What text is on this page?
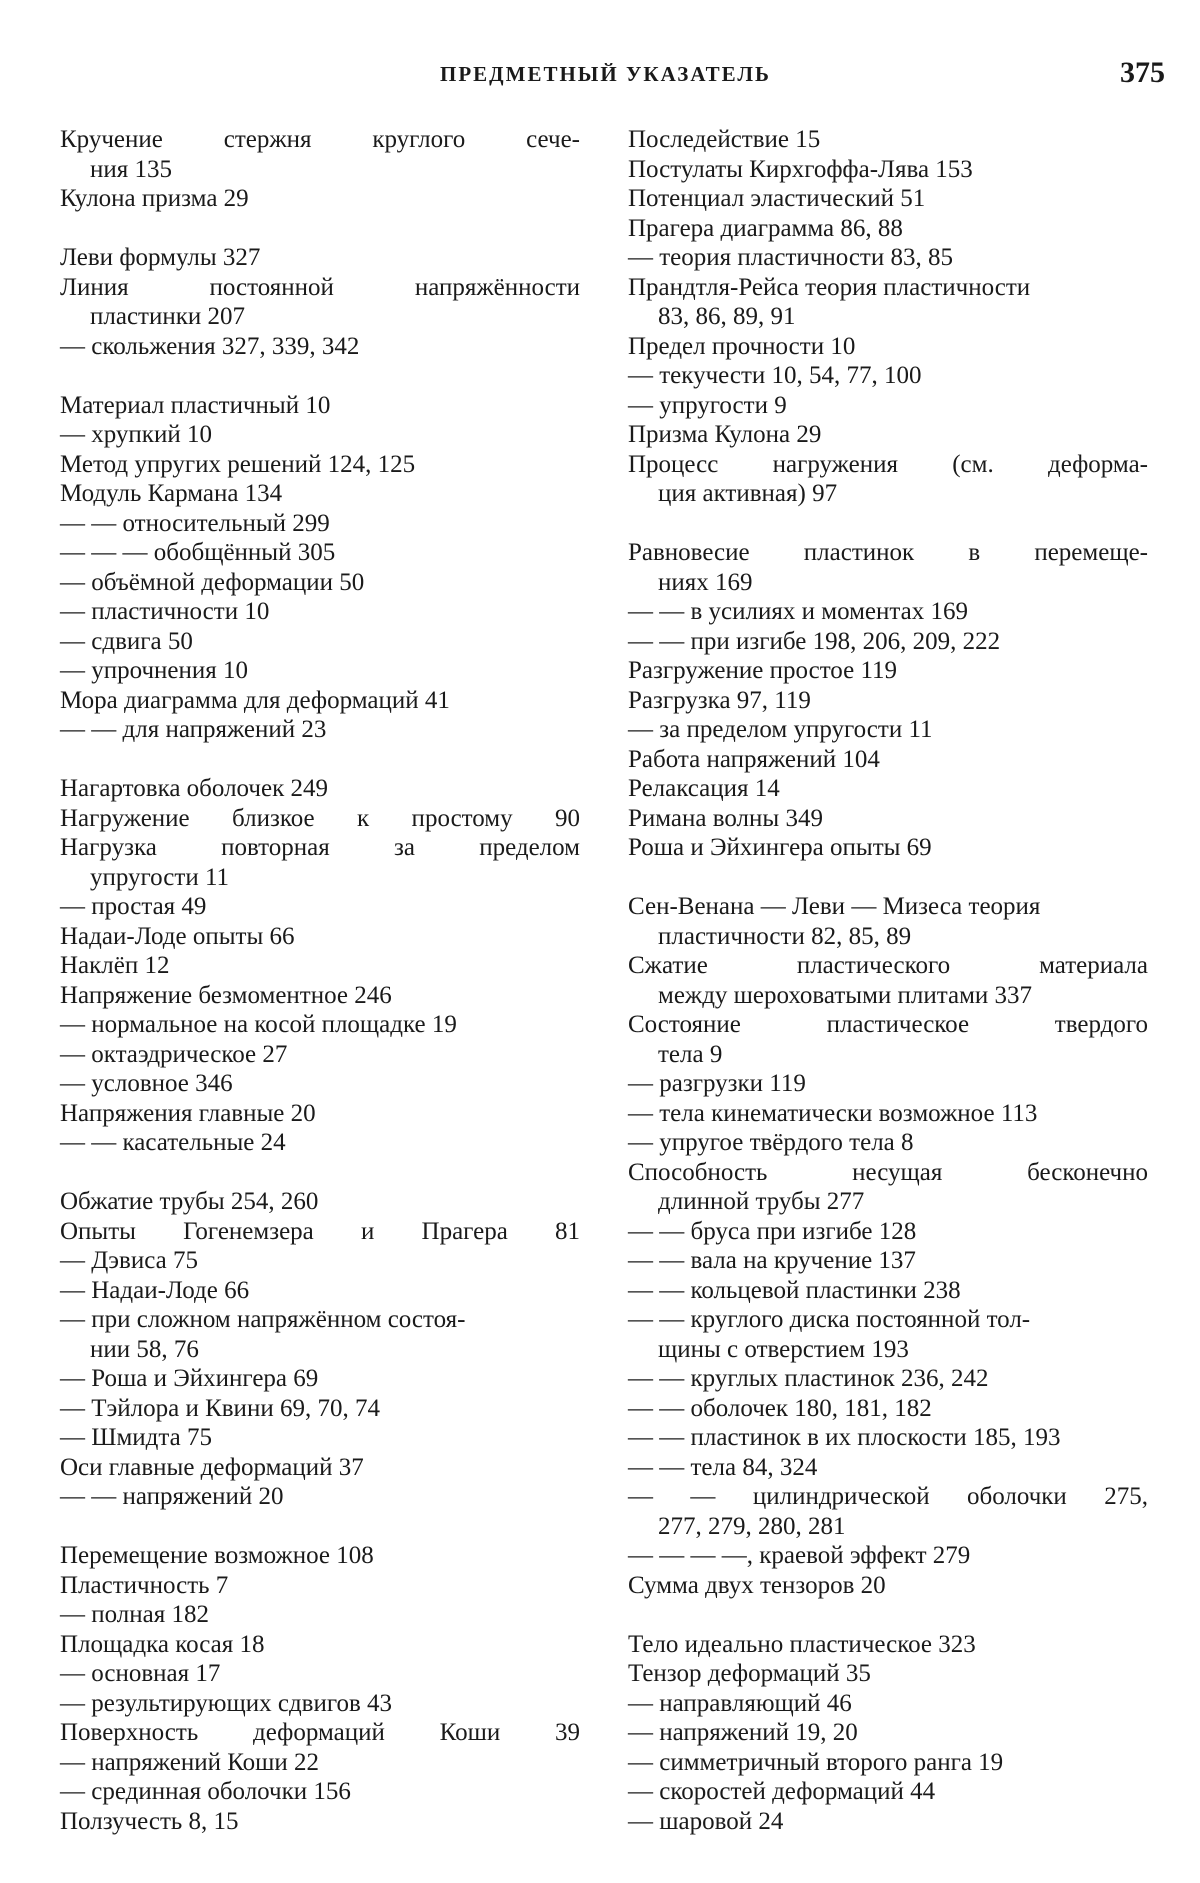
ПРЕДМЕТНЫЙ УКАЗАТЕЛЬ	375
Кручение стержня круглого сече-
ния 135
Кулона призма 29
Леви формулы 327
Линия постоянной напряжённости
пластинки 207
— скольжения 327, 339, 342
Материал пластичный 10
— хрупкий 10
Метод упругих решений 124, 125
Модуль Кармана 134
— — относительный 299
— — — обобщённый 305
— объёмной деформации 50
— пластичности 10
— сдвига 50
— упрочнения 10
Мора диаграмма для деформаций 41
— — для напряжений 23
Нагартовка оболочек 249
Нагружение близкое к простому 90
Нагрузка повторная за пределом
упругости 11
— простая 49
Надаи-Лоде опыты 66
Наклёп 12
Напряжение безмоментное 246
— нормальное на косой площадке 19
— октаэдрическое 27
— условное 346
Напряжения главные 20
— — касательные 24
Обжатие трубы 254, 260
Опыты Гогенемзера и Прагера 81
— Дэвиса 75
— Надаи-Лоде 66
— при сложном напряжённом состоя-
нии 58, 76
— Роша и Эйхингера 69
— Тэйлора и Квини 69, 70, 74
— Шмидта 75
Оси главные деформаций 37
— — напряжений 20
Перемещение возможное 108
Пластичность 7
— полная 182
Площадка косая 18
— основная 17
— результирующих сдвигов 43
Поверхность деформаций Коши 39
— напряжений Коши 22
— срединная оболочки 156
Ползучесть 8, 15
Последействие 15
Постулаты Кирхгоффа-Лява 153
Потенциал эластический 51
Прагера диаграмма 86, 88
— теория пластичности 83, 85
Прандтля-Рейса теория пластичности
83, 86, 89, 91
Предел прочности 10
— текучести 10, 54, 77, 100
— упругости 9
Призма Кулона 29
Процесс нагружения (см. деформа-
ция активная) 97
Равновесие пластинок в перемеще-
ниях 169
— — в усилиях и моментах 169
— — при изгибе 198, 206, 209, 222
Разгружение простое 119
Разгрузка 97, 119
— за пределом упругости 11
Работа напряжений 104
Релаксация 14
Римана волны 349
Роша и Эйхингера опыты 69
Сен-Венана — Леви — Мизеса теория
пластичности 82, 85, 89
Сжатие пластического материала
между шероховатыми плитами 337
Состояние пластическое твердого
тела 9
— разгрузки 119
— тела кинематически возможное 113
— упругое твёрдого тела 8
Способность несущая бесконечно
длинной трубы 277
— — бруса при изгибе 128
— — вала на кручение 137
— — кольцевой пластинки 238
— — круглого диска постоянной тол-
щины с отверстием 193
— — круглых пластинок 236, 242
— — оболочек 180, 181, 182
— — пластинок в их плоскости 185, 193
— — тела 84, 324
— — цилиндрической оболочки 275,
277, 279, 280, 281
— — — —, краевой эффект 279
Сумма двух тензоров 20
Тело идеально пластическое 323
Тензор деформаций 35
— направляющий 46
— напряжений 19, 20
— симметричный второго ранга 19
— скоростей деформаций 44
— шаровой 24
